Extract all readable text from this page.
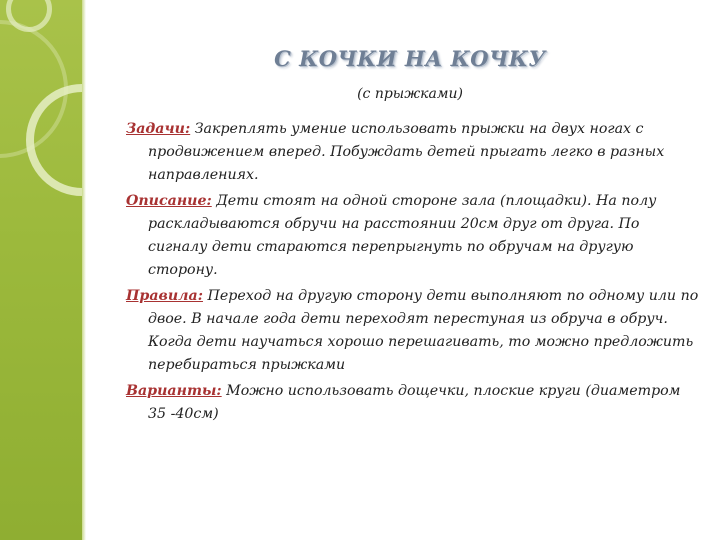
С КОЧКИ НА КОЧКУ
(с прыжками)

Задачи: Закреплять умение использовать прыжки на двух ногах с продвижением вперед. Побуждать детей прыгать легко в разных направлениях.

Описание: Дети стоят на одной стороне зала (площадки). На полу раскладываются обручи на расстоянии 20см друг от друга. По сигналу дети стараются перепрыгнуть по обручам на другую сторону.

Правила: Переход на другую сторону дети выполняют по одному или по двое. В начале года дети переходят перестуная из обруча в обруч. Когда дети научаться хорошо перешагивать, то можно предложить перебираться прыжками

Варианты: Можно использовать дощечки, плоские круги (диаметром 35 -40см)
